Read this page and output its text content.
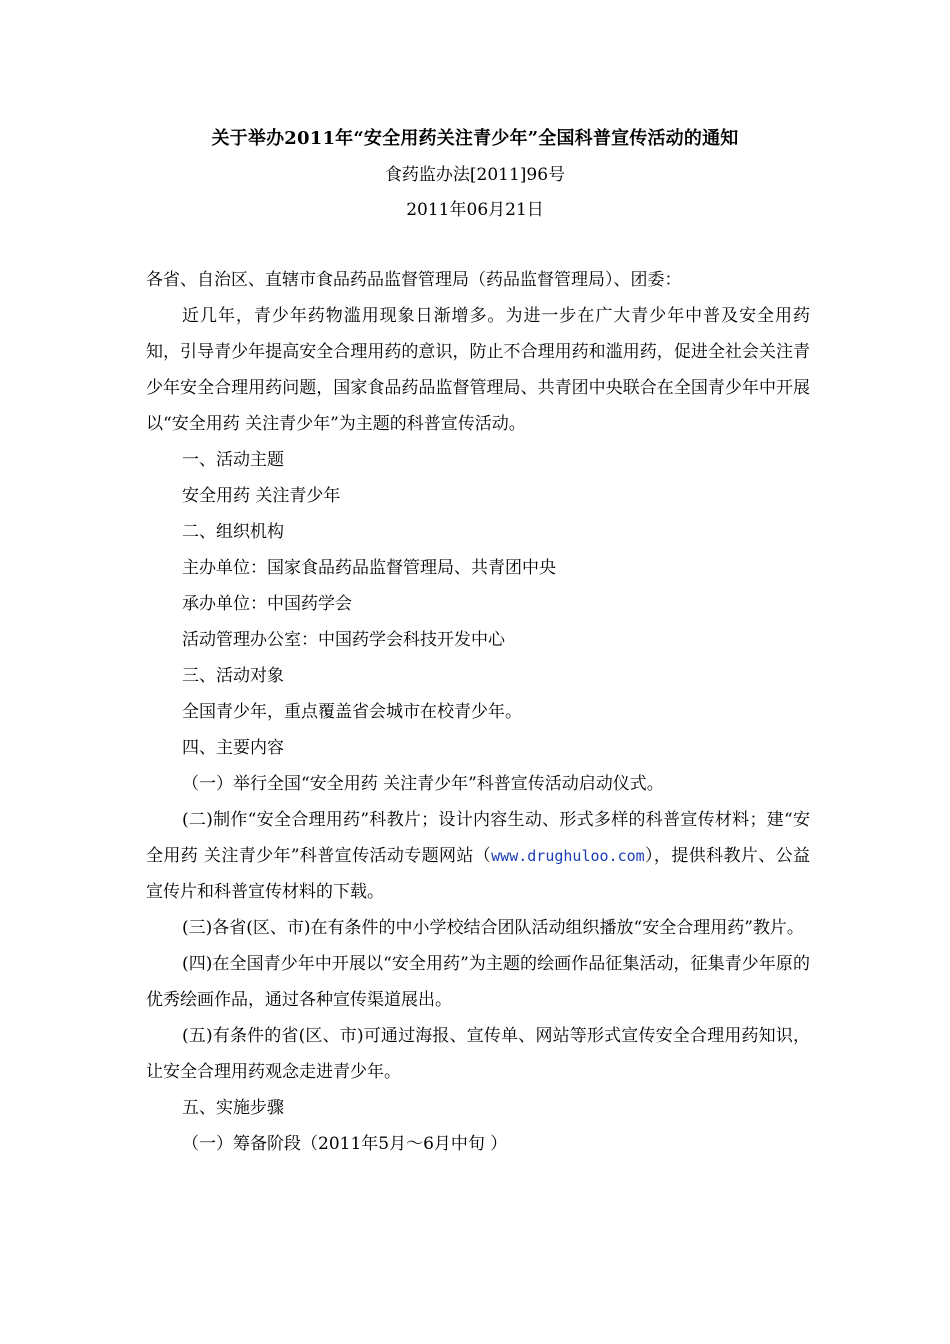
关于举办2011年“安全用药关注青少年”全国科普宣传活动的通知
食药监办法[2011]96号
2011年06月21日

各省、自治区、直辖市食品药品监督管理局（药品监督管理局）、团委：

近几年，青少年药物滥用现象日渐增多。为进一步在广大青少年中普及安全用药知，引导青少年提高安全合理用药的意识，防止不合理用药和滥用药，促进全社会关注青少年安全合理用药问题，国家食品药品监督管理局、共青团中央联合在全国青少年中开展以“安全用药 关注青少年”为主题的科普宣传活动。

一、活动主题

安全用药 关注青少年

二、组织机构

主办单位：国家食品药品监督管理局、共青团中央

承办单位：中国药学会

活动管理办公室：中国药学会科技开发中心

三、活动对象

全国青少年，重点覆盖省会城市在校青少年。

四、主要内容

（一）举行全国“安全用药 关注青少年”科普宣传活动启动仪式。

(二)制作“安全合理用药”科教片；设计内容生动、形式多样的科普宣传材料；建“安全用药 关注青少年”科普宣传活动专题网站（www.drughuloo.com），提供科教片、公益宣传片和科普宣传材料的下载。

(三)各省(区、市)在有条件的中小学校结合团队活动组织播放“安全合理用药”教片。

(四)在全国青少年中开展以“安全用药”为主题的绘画作品征集活动，征集青少年原的优秀绘画作品，通过各种宣传渠道展出。

(五)有条件的省(区、市)可通过海报、宣传单、网站等形式宣传安全合理用药知识，让安全合理用药观念走进青少年。

五、实施步骤

（一）筹备阶段（2011年5月～6月中旬 ）
